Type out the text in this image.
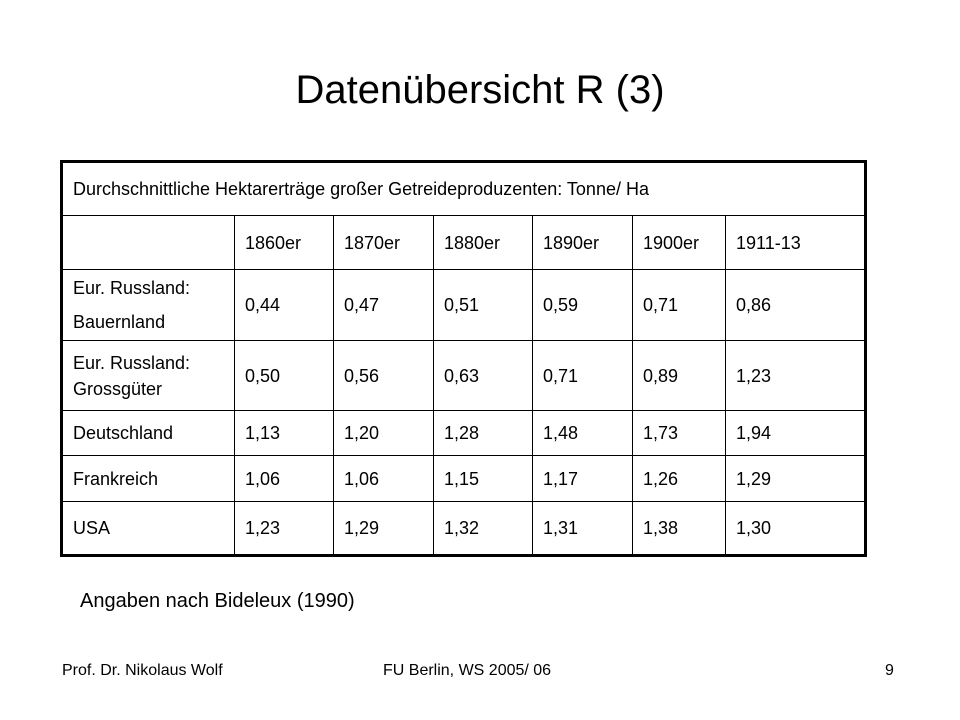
Datenübersicht R (3)
Durchschnittliche Hektarerträge großer Getreideproduzenten: Tonne/ Ha						
	1860er	1870er	1880er	1890er	1900er	1911-13

Eur. Russland:
Bauernland	0,44	0,47	0,51	0,59	0,71	0,86

Eur. Russland:
Grossgüter	0,50	0,56	0,63	0,71	0,89	1,23
Deutschland	1,13	1,20	1,28	1,48	1,73	1,94
Frankreich	1,06	1,06	1,15	1,17	1,26	1,29
USA	1,23	1,29	1,32	1,31	1,38	1,30
Angaben nach Bideleux (1990)
Prof. Dr. Nikolaus Wolf	FU Berlin, WS 2005/ 06	9
